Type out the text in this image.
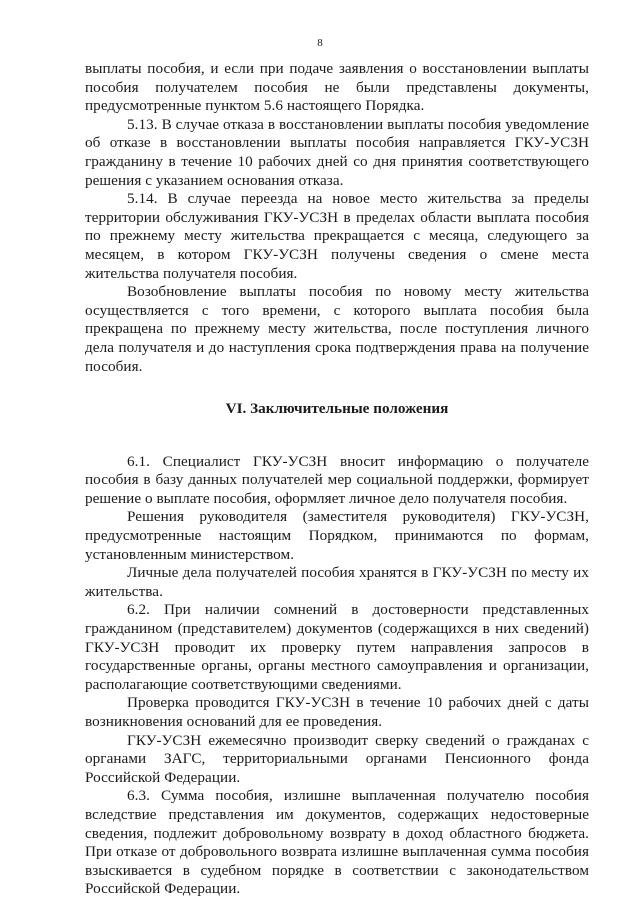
8

выплаты пособия, и если при подаче заявления о восстановлении выплаты пособия получателем пособия не были представлены документы, предусмотренные пунктом 5.6 настоящего Порядка.

5.13. В случае отказа в восстановлении выплаты пособия уведомление об отказе в восстановлении выплаты пособия направляется ГКУ-УСЗН гражданину в течение 10 рабочих дней со дня принятия соответствующего решения с указанием основания отказа.

5.14. В случае переезда на новое место жительства за пределы территории обслуживания ГКУ-УСЗН в пределах области выплата пособия по прежнему месту жительства прекращается с месяца, следующего за месяцем, в котором ГКУ-УСЗН получены сведения о смене места жительства получателя пособия.

Возобновление выплаты пособия по новому месту жительства осуществляется с того времени, с которого выплата пособия была прекращена по прежнему месту жительства, после поступления личного дела получателя и до наступления срока подтверждения права на получение пособия.

VI. Заключительные положения

6.1. Специалист ГКУ-УСЗН вносит информацию о получателе пособия в базу данных получателей мер социальной поддержки, формирует решение о выплате пособия, оформляет личное дело получателя пособия.

Решения руководителя (заместителя руководителя) ГКУ-УСЗН, предусмотренные настоящим Порядком, принимаются по формам, установленным министерством.

Личные дела получателей пособия хранятся в ГКУ-УСЗН по месту их жительства.

6.2. При наличии сомнений в достоверности представленных гражданином (представителем) документов (содержащихся в них сведений) ГКУ-УСЗН проводит их проверку путем направления запросов в государственные органы, органы местного самоуправления и организации, располагающие соответствующими сведениями.

Проверка проводится ГКУ-УСЗН в течение 10 рабочих дней с даты возникновения оснований для ее проведения.

ГКУ-УСЗН ежемесячно производит сверку сведений о гражданах с органами ЗАГС, территориальными органами Пенсионного фонда Российской Федерации.

6.3. Сумма пособия, излишне выплаченная получателю пособия вследствие представления им документов, содержащих недостоверные сведения, подлежит добровольному возврату в доход областного бюджета. При отказе от добровольного возврата излишне выплаченная сумма пособия взыскивается в судебном порядке в соответствии с законодательством Российской Федерации.
